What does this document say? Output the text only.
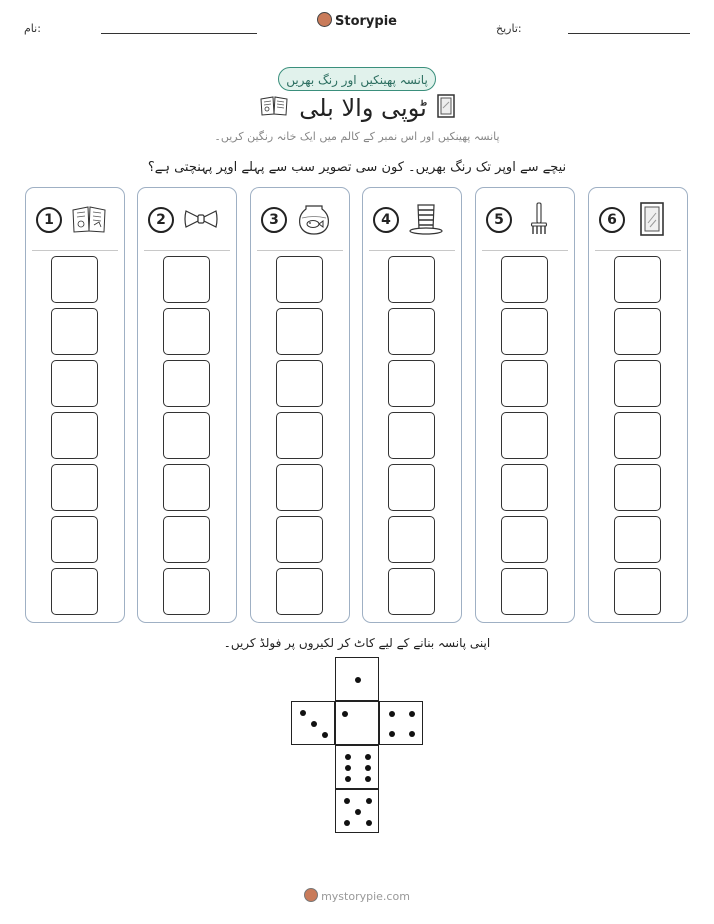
نام:	Storypie	تاریخ:
پانسہ پھینکیں اور رنگ بھریں
ٹوپی والا بلی
پانسہ پھینکیں اور اس نمبر کے کالم میں ایک خانہ رنگین کریں۔
نیچے سے اوپر تک رنگ بھریں۔ کون سی تصویر سب سے پہلے اوپر پہنچتی ہے؟
1	2	3	4	5	6
اپنی پانسہ بنانے کے لیے کاٹ کر لکیروں پر فولڈ کریں۔
mystorypie.com
